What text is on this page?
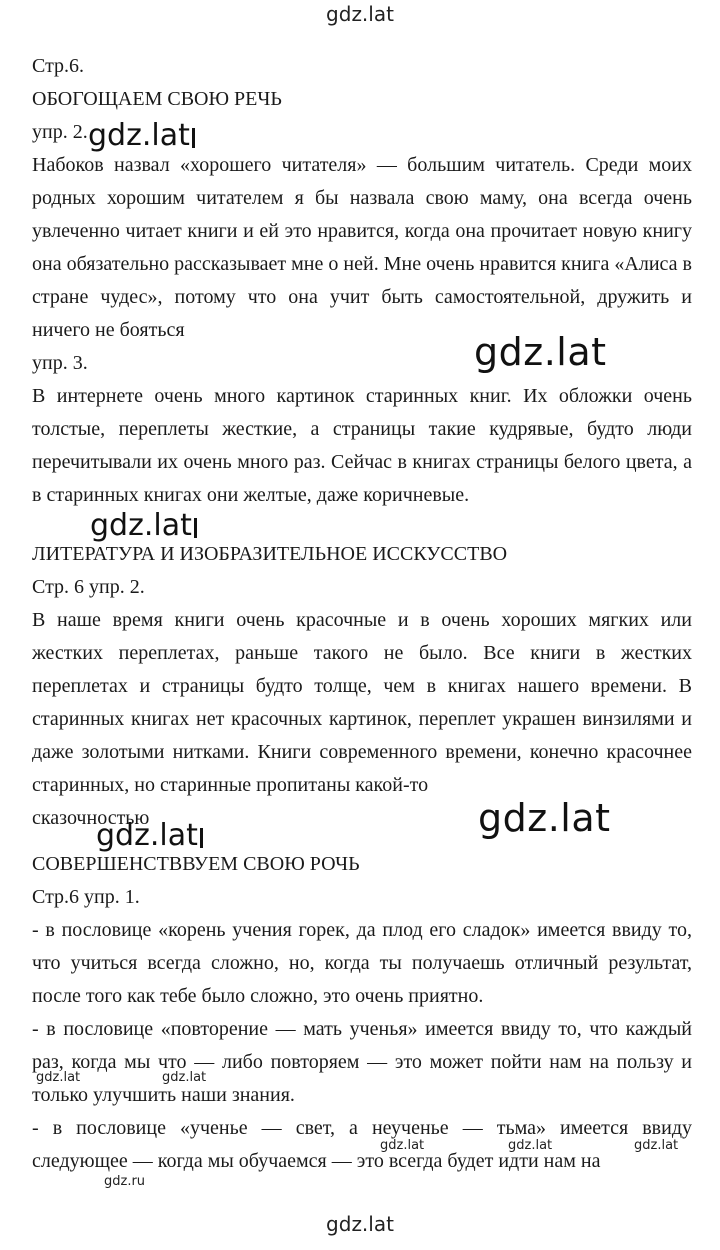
gdz.lat

Стр.6.

ОБОГОЩАЕМ СВОЮ РЕЧЬ

упр. 2.

Набоков назвал «хорошего читателя» — большим читатель. Среди моих родных хорошим читателем я бы назвала свою маму, она всегда очень увлеченно читает книги и ей это нравится, когда она прочитает новую книгу она обязательно рассказывает мне о ней. Мне очень нравится книга «Алиса в стране чудес», потому что она учит быть самостоятельной, дружить и ничего не бояться

упр. 3.

В интернете очень много картинок старинных книг. Их обложки очень толстые, переплеты жесткие, а страницы такие кудрявые, будто люди перечитывали их очень много раз. Сейчас в книгах страницы белого цвета, а в старинных книгах они желтые, даже коричневые.

ЛИТЕРАТУРА И ИЗОБРАЗИТЕЛЬНОЕ ИССКУССТВО

Стр. 6 упр. 2.

В наше время книги очень красочные и в очень хороших мягких или жестких переплетах, раньше такого не было. Все книги в жестких переплетах и страницы будто толще, чем в книгах нашего времени. В старинных книгах нет красочных картинок, переплет украшен винзилями и даже золотыми нитками. Книги современного времени, конечно красочнее старинных, но старинные пропитаны какой-то

сказочностью

СОВЕРШЕНСТВВУЕМ СВОЮ РОЧЬ

Стр.6 упр. 1.

- в пословице «корень учения горек, да плод его сладок» имеется ввиду то, что учиться всегда сложно, но, когда ты получаешь отличный результат, после того как тебе было сложно, это очень приятно.

- в пословице «повторение — мать ученья» имеется ввиду то, что каждый раз, когда мы что — либо повторяем — это может пойти нам на пользу и только улучшить наши знания.

- в пословице «ученье — свет, а неученье — тьма» имеется ввиду следующее — когда мы обучаемся — это всегда будет идти нам на

gdz.lat
gdz.lat
gdz.lat
gdz.lat	gdz.lat
gdz.lat	gdz.lat
gdz.lat	gdz.lat	gdz.lat
gdz.ru
gdz.lat
